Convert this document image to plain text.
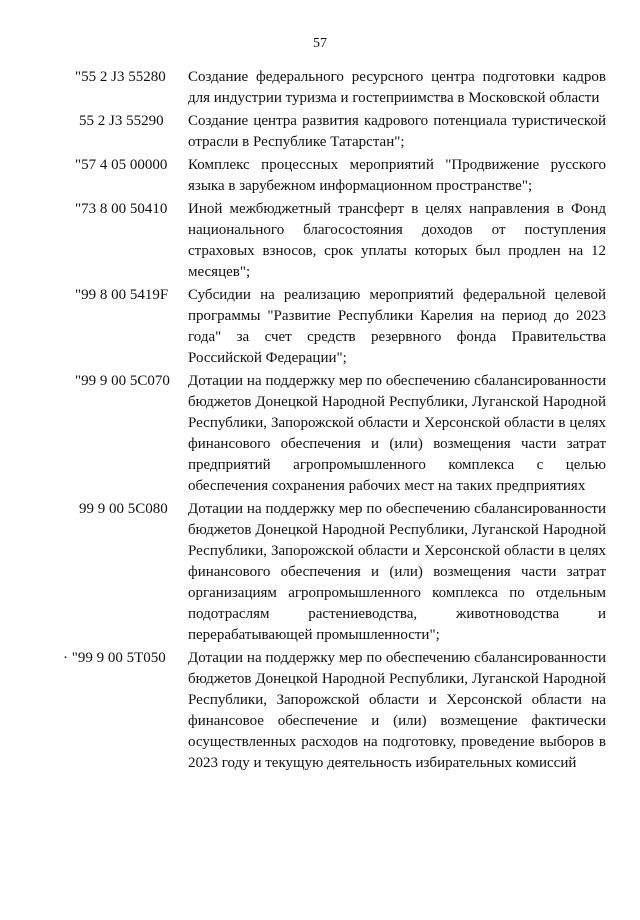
57
"55 2 J3 55280	Создание федерального ресурсного центра подготовки кадров для индустрии туризма и гостеприимства в Московской области
55 2 J3 55290	Создание центра развития кадрового потенциала туристической отрасли в Республике Татарстан";
"57 4 05 00000	Комплекс процессных мероприятий "Продвижение русского языка в зарубежном информационном пространстве";
"73 8 00 50410	Иной межбюджетный трансферт в целях направления в Фонд национального благосостояния доходов от поступления страховых взносов, срок уплаты которых был продлен на 12 месяцев";
"99 8 00 5419F	Субсидии на реализацию мероприятий федеральной целевой программы "Развитие Республики Карелия на период до 2023 года" за счет средств резервного фонда Правительства Российской Федерации";
"99 9 00 5C070	Дотации на поддержку мер по обеспечению сбалансированности бюджетов Донецкой Народной Республики, Луганской Народной Республики, Запорожской области и Херсонской области в целях финансового обеспечения и (или) возмещения части затрат предприятий агропромышленного комплекса с целью обеспечения сохранения рабочих мест на таких предприятиях
99 9 00 5C080	Дотации на поддержку мер по обеспечению сбалансированности бюджетов Донецкой Народной Республики, Луганской Народной Республики, Запорожской области и Херсонской области в целях финансового обеспечения и (или) возмещения части затрат организациям агропромышленного комплекса по отдельным подотраслям растениеводства, животноводства и перерабатывающей промышленности";
· "99 9 00 5T050	Дотации на поддержку мер по обеспечению сбалансированности бюджетов Донецкой Народной Республики, Луганской Народной Республики, Запорожской области и Херсонской области на финансовое обеспечение и (или) возмещение фактически осуществленных расходов на подготовку, проведение выборов в 2023 году и текущую деятельность избирательных комиссий
